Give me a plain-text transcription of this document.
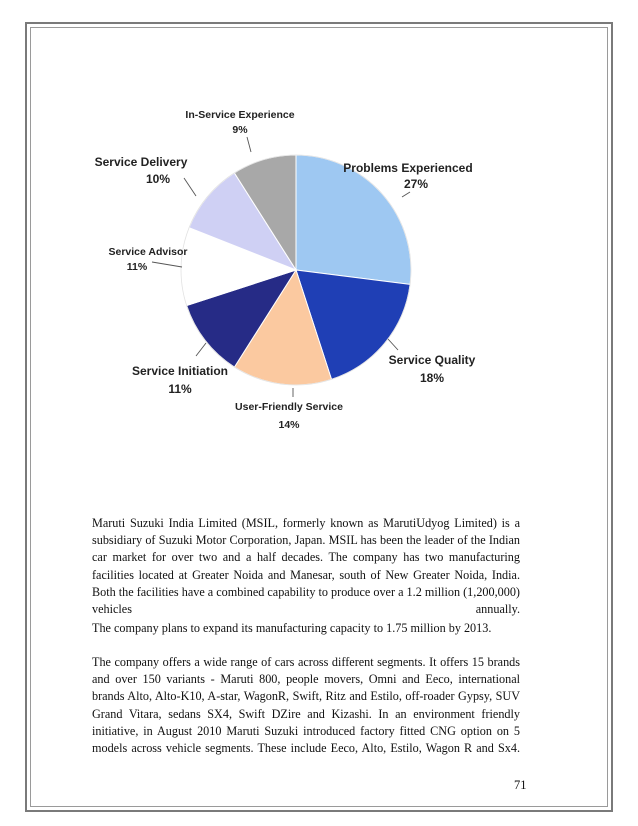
Problems Experienced
27%
Service Quality
18%
User-Friendly Service
14%
Service Initiation
11%
Service Advisor
11%
Service Delivery
10%
In-Service Experience
9%

Maruti Suzuki India Limited (MSIL, formerly known as MarutiUdyog Limited) is a subsidiary of Suzuki Motor Corporation, Japan. MSIL has been the leader of the Indian car market for over two and a half decades. The company has two manufacturing facilities located at Greater Noida and Manesar, south of New Greater Noida, India. Both the facilities have a combined capability to produce over a 1.2 million (1,200,000) vehicles annually.

The company plans to expand its manufacturing capacity to 1.75 million by 2013.

The company offers a wide range of cars across different segments. It offers 15 brands and over 150 variants - Maruti 800, people movers, Omni and Eeco, international brands Alto, Alto-K10, A-star, WagonR, Swift, Ritz and Estilo, off-roader Gypsy, SUV Grand Vitara, sedans SX4, Swift DZire and Kizashi. In an environment friendly initiative, in August 2010 Maruti Suzuki introduced factory fitted CNG option on 5 models across vehicle segments. These include Eeco, Alto, Estilo, Wagon R and Sx4.

71
